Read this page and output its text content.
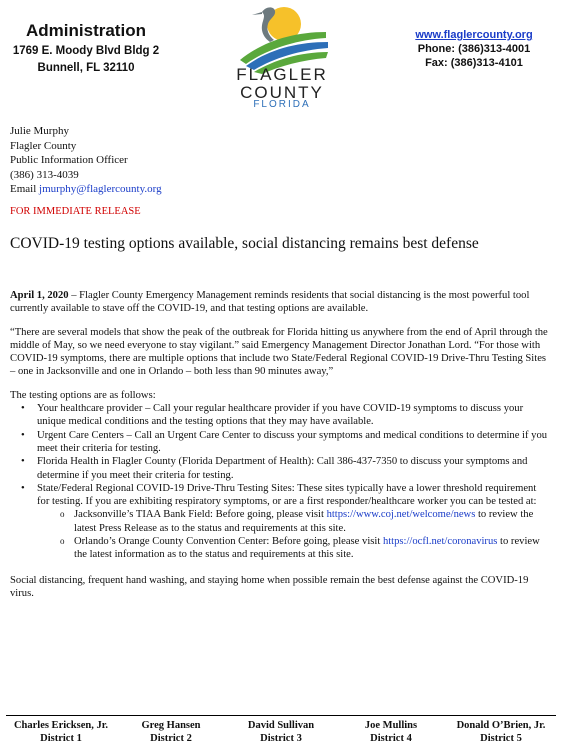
Administration
1769 E. Moody Blvd Bldg 2
Bunnell, FL 32110	FLAGLER
COUNTY
FLORIDA
www.flaglercounty.org
Phone: (386)313-4001
Fax: (386)313-4101
Julie Murphy
Flagler County
Public Information Officer
(386) 313-4039
Email jmurphy@flaglercounty.org
FOR IMMEDIATE RELEASE
COVID-19 testing options available, social distancing remains best defense

April 1, 2020 – Flagler County Emergency Management reminds residents that social distancing is the most powerful tool currently available to stave off the COVID-19, and that testing options are available.

“There are several models that show the peak of the outbreak for Florida hitting us anywhere from the end of April through the middle of May, so we need everyone to stay vigilant.” said Emergency Management Director Jonathan Lord. “For those with COVID-19 symptoms, there are multiple options that include two State/Federal Regional COVID-19 Drive-Thru Testing Sites – one in Jacksonville and one in Orlando – both less than 90 minutes away,”

The testing options are as follows:
• Your healthcare provider – Call your regular healthcare provider if you have COVID-19 symptoms to discuss your unique medical conditions and the testing options that they may have available.
• Urgent Care Centers – Call an Urgent Care Center to discuss your symptoms and medical conditions to determine if you meet their criteria for testing.
• Florida Health in Flagler County (Florida Department of Health): Call 386-437-7350 to discuss your symptoms and determine if you meet their criteria for testing.
• State/Federal Regional COVID-19 Drive-Thru Testing Sites: These sites typically have a lower threshold requirement for testing. If you are exhibiting respiratory symptoms, or are a first responder/healthcare worker you can be tested at:
o Jacksonville’s TIAA Bank Field: Before going, please visit https://www.coj.net/welcome/news to review the latest Press Release as to the status and requirements at this site.
o Orlando’s Orange County Convention Center: Before going, please visit https://ocfl.net/coronavirus to review the latest information as to the status and requirements at this site.

Social distancing, frequent hand washing, and staying home when possible remain the best defense against the COVID-19 virus.

Charles Ericksen, Jr.
District 1
Greg Hansen
District 2
David Sullivan
District 3
Joe Mullins
District 4
Donald O’Brien, Jr.
District 5
